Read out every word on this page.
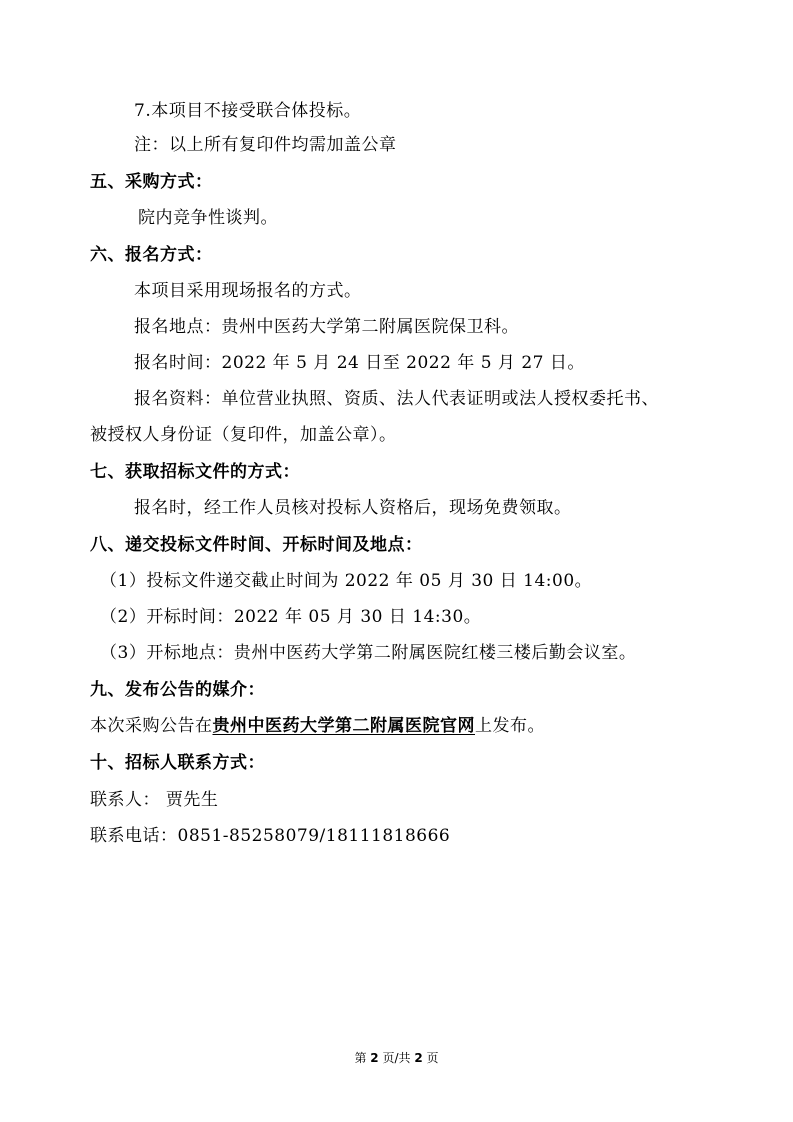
7.本项目不接受联合体投标。
注：以上所有复印件均需加盖公章
五、采购方式：
院内竞争性谈判。
六、报名方式：
本项目采用现场报名的方式。
报名地点：贵州中医药大学第二附属医院保卫科。
报名时间：2022 年 5 月 24 日至 2022 年 5 月 27 日。
报名资料：单位营业执照、资质、法人代表证明或法人授权委托书、
被授权人身份证（复印件，加盖公章）。
七、获取招标文件的方式：
报名时，经工作人员核对投标人资格后，现场免费领取。
八、递交投标文件时间、开标时间及地点：
（1）投标文件递交截止时间为 2022 年 05 月 30 日 14:00。
（2）开标时间：2022 年 05 月 30 日 14:30。
（3）开标地点：贵州中医药大学第二附属医院红楼三楼后勤会议室。
九、发布公告的媒介：
本次采购公告在贵州中医药大学第二附属医院官网上发布。
十、招标人联系方式：
联系人： 贾先生
联系电话：0851-85258079/18111818666
第 2 页/共 2 页
